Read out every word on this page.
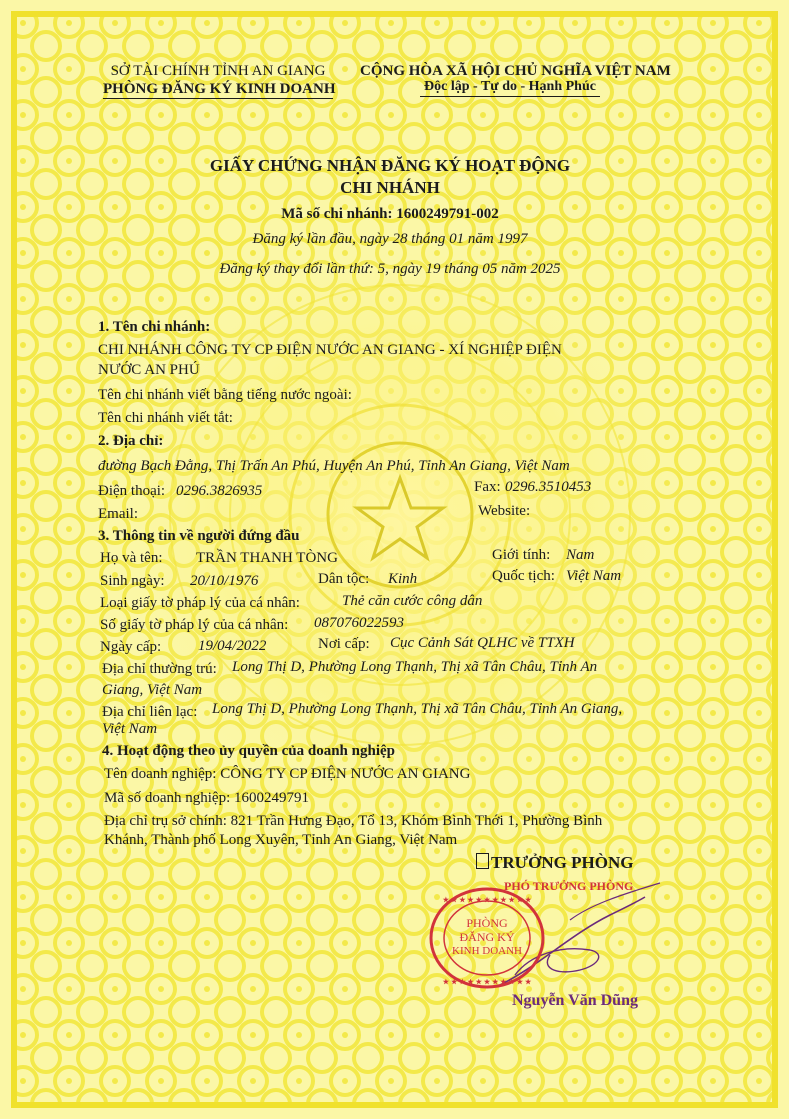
SỞ TÀI CHÍNH TỈNH AN GIANG
PHÒNG ĐĂNG KÝ KINH DOANH
CỘNG HÒA XÃ HỘI CHỦ NGHĨA VIỆT NAM
Độc lập - Tự do - Hạnh Phúc
GIẤY CHỨNG NHẬN ĐĂNG KÝ HOẠT ĐỘNG
CHI NHÁNH
Mã số chi nhánh: 1600249791-002
Đăng ký lần đầu, ngày 28 tháng 01 năm 1997
Đăng ký thay đổi lần thứ: 5, ngày 19 tháng 05 năm 2025
1. Tên chi nhánh:
CHI NHÁNH CÔNG TY CP ĐIỆN NƯỚC AN GIANG - XÍ NGHIỆP ĐIỆN
NƯỚC AN PHÚ
Tên chi nhánh viết bằng tiếng nước ngoài:
Tên chi nhánh viết tắt:
2. Địa chỉ:
đường Bạch Đằng, Thị Trấn An Phú, Huyện An Phú, Tỉnh An Giang, Việt Nam
Điện thoại: 0296.3826935	Fax: 0296.3510453
Email:	Website:
3. Thông tin về người đứng đầu
Họ và tên: TRẦN THANH TÒNG	Giới tính: Nam
Sinh ngày: 20/10/1976	Dân tộc: Kinh	Quốc tịch: Việt Nam
Loại giấy tờ pháp lý của cá nhân:	Thẻ căn cước công dân
Số giấy tờ pháp lý của cá nhân: 087076022593
Ngày cấp: 19/04/2022	Nơi cấp: Cục Cảnh Sát QLHC về TTXH
Địa chỉ thường trú: Long Thị D, Phường Long Thạnh, Thị xã Tân Châu, Tỉnh An
Giang, Việt Nam
Địa chỉ liên lạc: Long Thị D, Phường Long Thạnh, Thị xã Tân Châu, Tỉnh An Giang,
Việt Nam
4. Hoạt động theo ủy quyền của doanh nghiệp
Tên doanh nghiệp: CÔNG TY CP ĐIỆN NƯỚC AN GIANG
Mã số doanh nghiệp: 1600249791
Địa chỉ trụ sở chính: 821 Trần Hưng Đạo, Tổ 13, Khóm Bình Thới 1, Phường Bình
Khánh, Thành phố Long Xuyên, Tỉnh An Giang, Việt Nam
TRƯỞNG PHÒNG
PHÓ TRƯỞNG PHÒNG
★ ★ ★ ★ ★ ★ ★ ★ ★ ★ ★
★ ★ ★ ★ ★ ★ ★ ★ ★ ★ ★
PHÒNG
ĐĂNG KÝ
KINH DOANH
Nguyễn Văn Dũng
